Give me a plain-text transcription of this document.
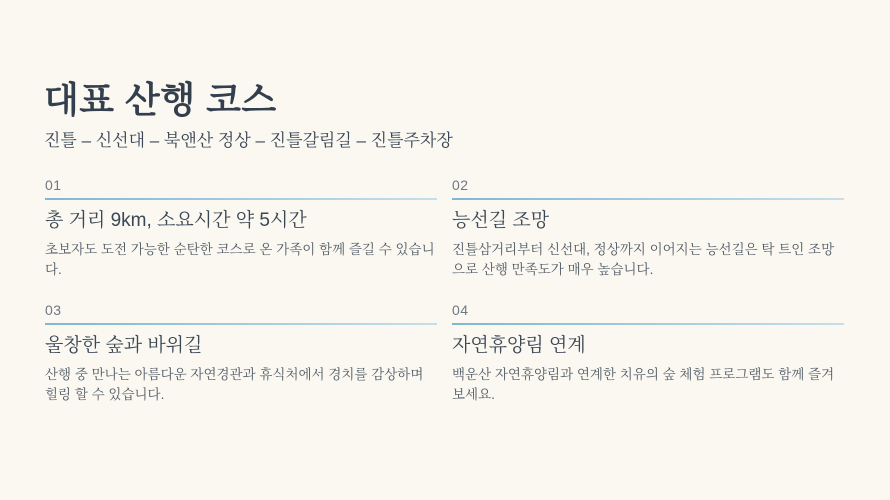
대표 산행 코스
진틀 – 신선대 – 북앤산 정상 – 진틀갈림길 – 진틀주차장
01
총 거리 9km, 소요시간 약 5시간
초보자도 도전 가능한 순탄한 코스로 온 가족이 함께 즐길 수 있습니다.
02
능선길 조망
진틀삼거리부터 신선대, 정상까지 이어지는 능선길은 탁 트인 조망으로 산행 만족도가 매우 높습니다.
03
울창한 숲과 바위길
산행 중 만나는 아름다운 자연경관과 휴식처에서 경치를 감상하며 힐링 할 수 있습니다.
04
자연휴양림 연계
백운산 자연휴양림과 연계한 치유의 숲 체험 프로그램도 함께 즐겨보세요.
